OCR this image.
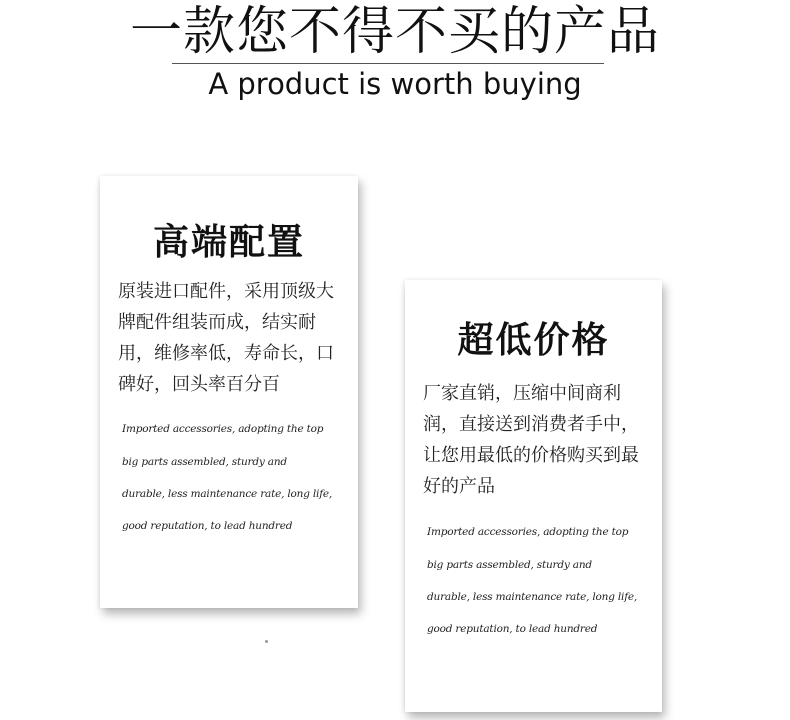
一款您不得不买的产品
A product is worth buying
高端配置
原装进口配件，采用顶级大牌配件组装而成，结实耐用，维修率低，寿命长，口碑好，回头率百分百
Imported accessories, adopting the top
big parts assembled, sturdy and
durable, less maintenance rate, long life,
good reputation, to lead hundred
超低价格
厂家直销，压缩中间商利润，直接送到消费者手中，让您用最低的价格购买到最好的产品
Imported accessories, adopting the top
big parts assembled, sturdy and
durable, less maintenance rate, long life,
good reputation, to lead hundred
